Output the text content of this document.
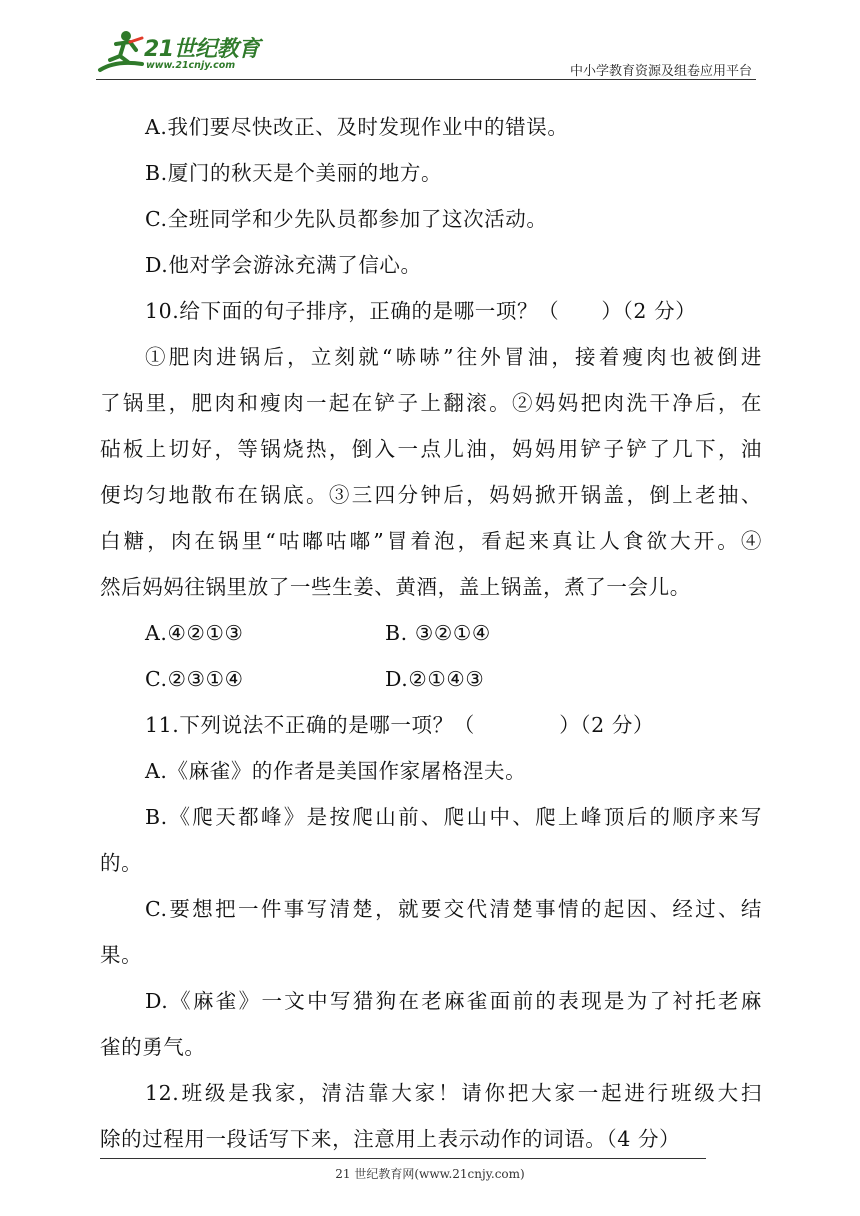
21世纪教育
www.21cnjy.com	中小学教育资源及组卷应用平台
A.我们要尽快改正、及时发现作业中的错误。
B.厦门的秋天是个美丽的地方。
C.全班同学和少先队员都参加了这次活动。
D.他对学会游泳充满了信心。
10.给下面的句子排序，正确的是哪一项？（　　）（2 分）
①肥肉进锅后，立刻就“哧哧”往外冒油，接着瘦肉也被倒进
了锅里，肥肉和瘦肉一起在铲子上翻滚。②妈妈把肉洗干净后，在
砧板上切好，等锅烧热，倒入一点儿油，妈妈用铲子铲了几下，油
便均匀地散布在锅底。③三四分钟后，妈妈掀开锅盖，倒上老抽、
白糖，肉在锅里“咕嘟咕嘟”冒着泡，看起来真让人食欲大开。④
然后妈妈往锅里放了一些生姜、黄酒，盖上锅盖，煮了一会儿。
A.④②①③	B. ③②①④
C.②③①④	D.②①④③
11.下列说法不正确的是哪一项？（　　　　）（2 分）
A.《麻雀》的作者是美国作家屠格涅夫。
B.《爬天都峰》是按爬山前、爬山中、爬上峰顶后的顺序来写
的。
C.要想把一件事写清楚，就要交代清楚事情的起因、经过、结
果。
D.《麻雀》一文中写猎狗在老麻雀面前的表现是为了衬托老麻
雀的勇气。
12.班级是我家，清洁靠大家！请你把大家一起进行班级大扫
除的过程用一段话写下来，注意用上表示动作的词语。（4 分）
21 世纪教育网(www.21cnjy.com)
